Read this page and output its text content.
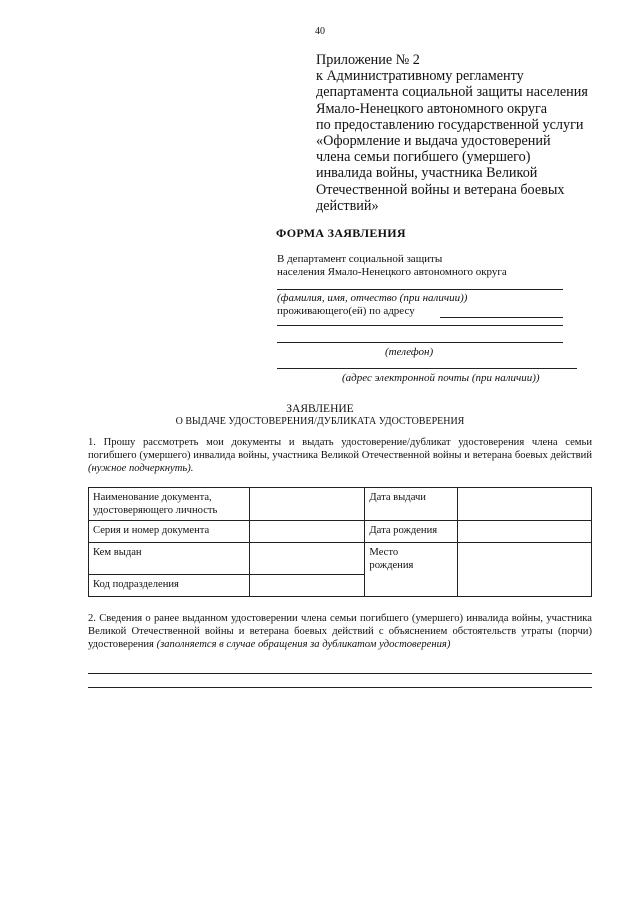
40
Приложение № 2
к Административному регламенту
департамента социальной защиты населения
Ямало-Ненецкого автономного округа
по предоставлению государственной услуги
«Оформление и выдача удостоверений
члена семьи погибшего (умершего)
инвалида войны, участника Великой
Отечественной войны и ветерана боевых
действий»
ФОРМА ЗАЯВЛЕНИЯ
В департамент социальной защиты
населения Ямало-Ненецкого автономного округа
(фамилия, имя, отчество (при наличии))
проживающего(ей) по адресу
(телефон)
(адрес электронной почты (при наличии))
ЗАЯВЛЕНИЕ
О ВЫДАЧЕ УДОСТОВЕРЕНИЯ/ДУБЛИКАТА УДОСТОВЕРЕНИЯ
1. Прошу рассмотреть мои документы и выдать удостоверение/дубликат удостоверения члена семьи погибшего (умершего) инвалида войны, участника Великой Отечественной войны и ветерана боевых действий (нужное подчеркнуть).
Наименование документа, удостоверяющего личность		Дата выдачи	
Серия и номер документа		Дата рождения	
Кем выдан		Место рождения	
Код подразделения			
2. Сведения о ранее выданном удостоверении члена семьи погибшего (умершего) инвалида войны, участника Великой Отечественной войны и ветерана боевых действий с объяснением обстоятельств утраты (порчи) удостоверения (заполняется в случае обращения за дубликатом удостоверения)
